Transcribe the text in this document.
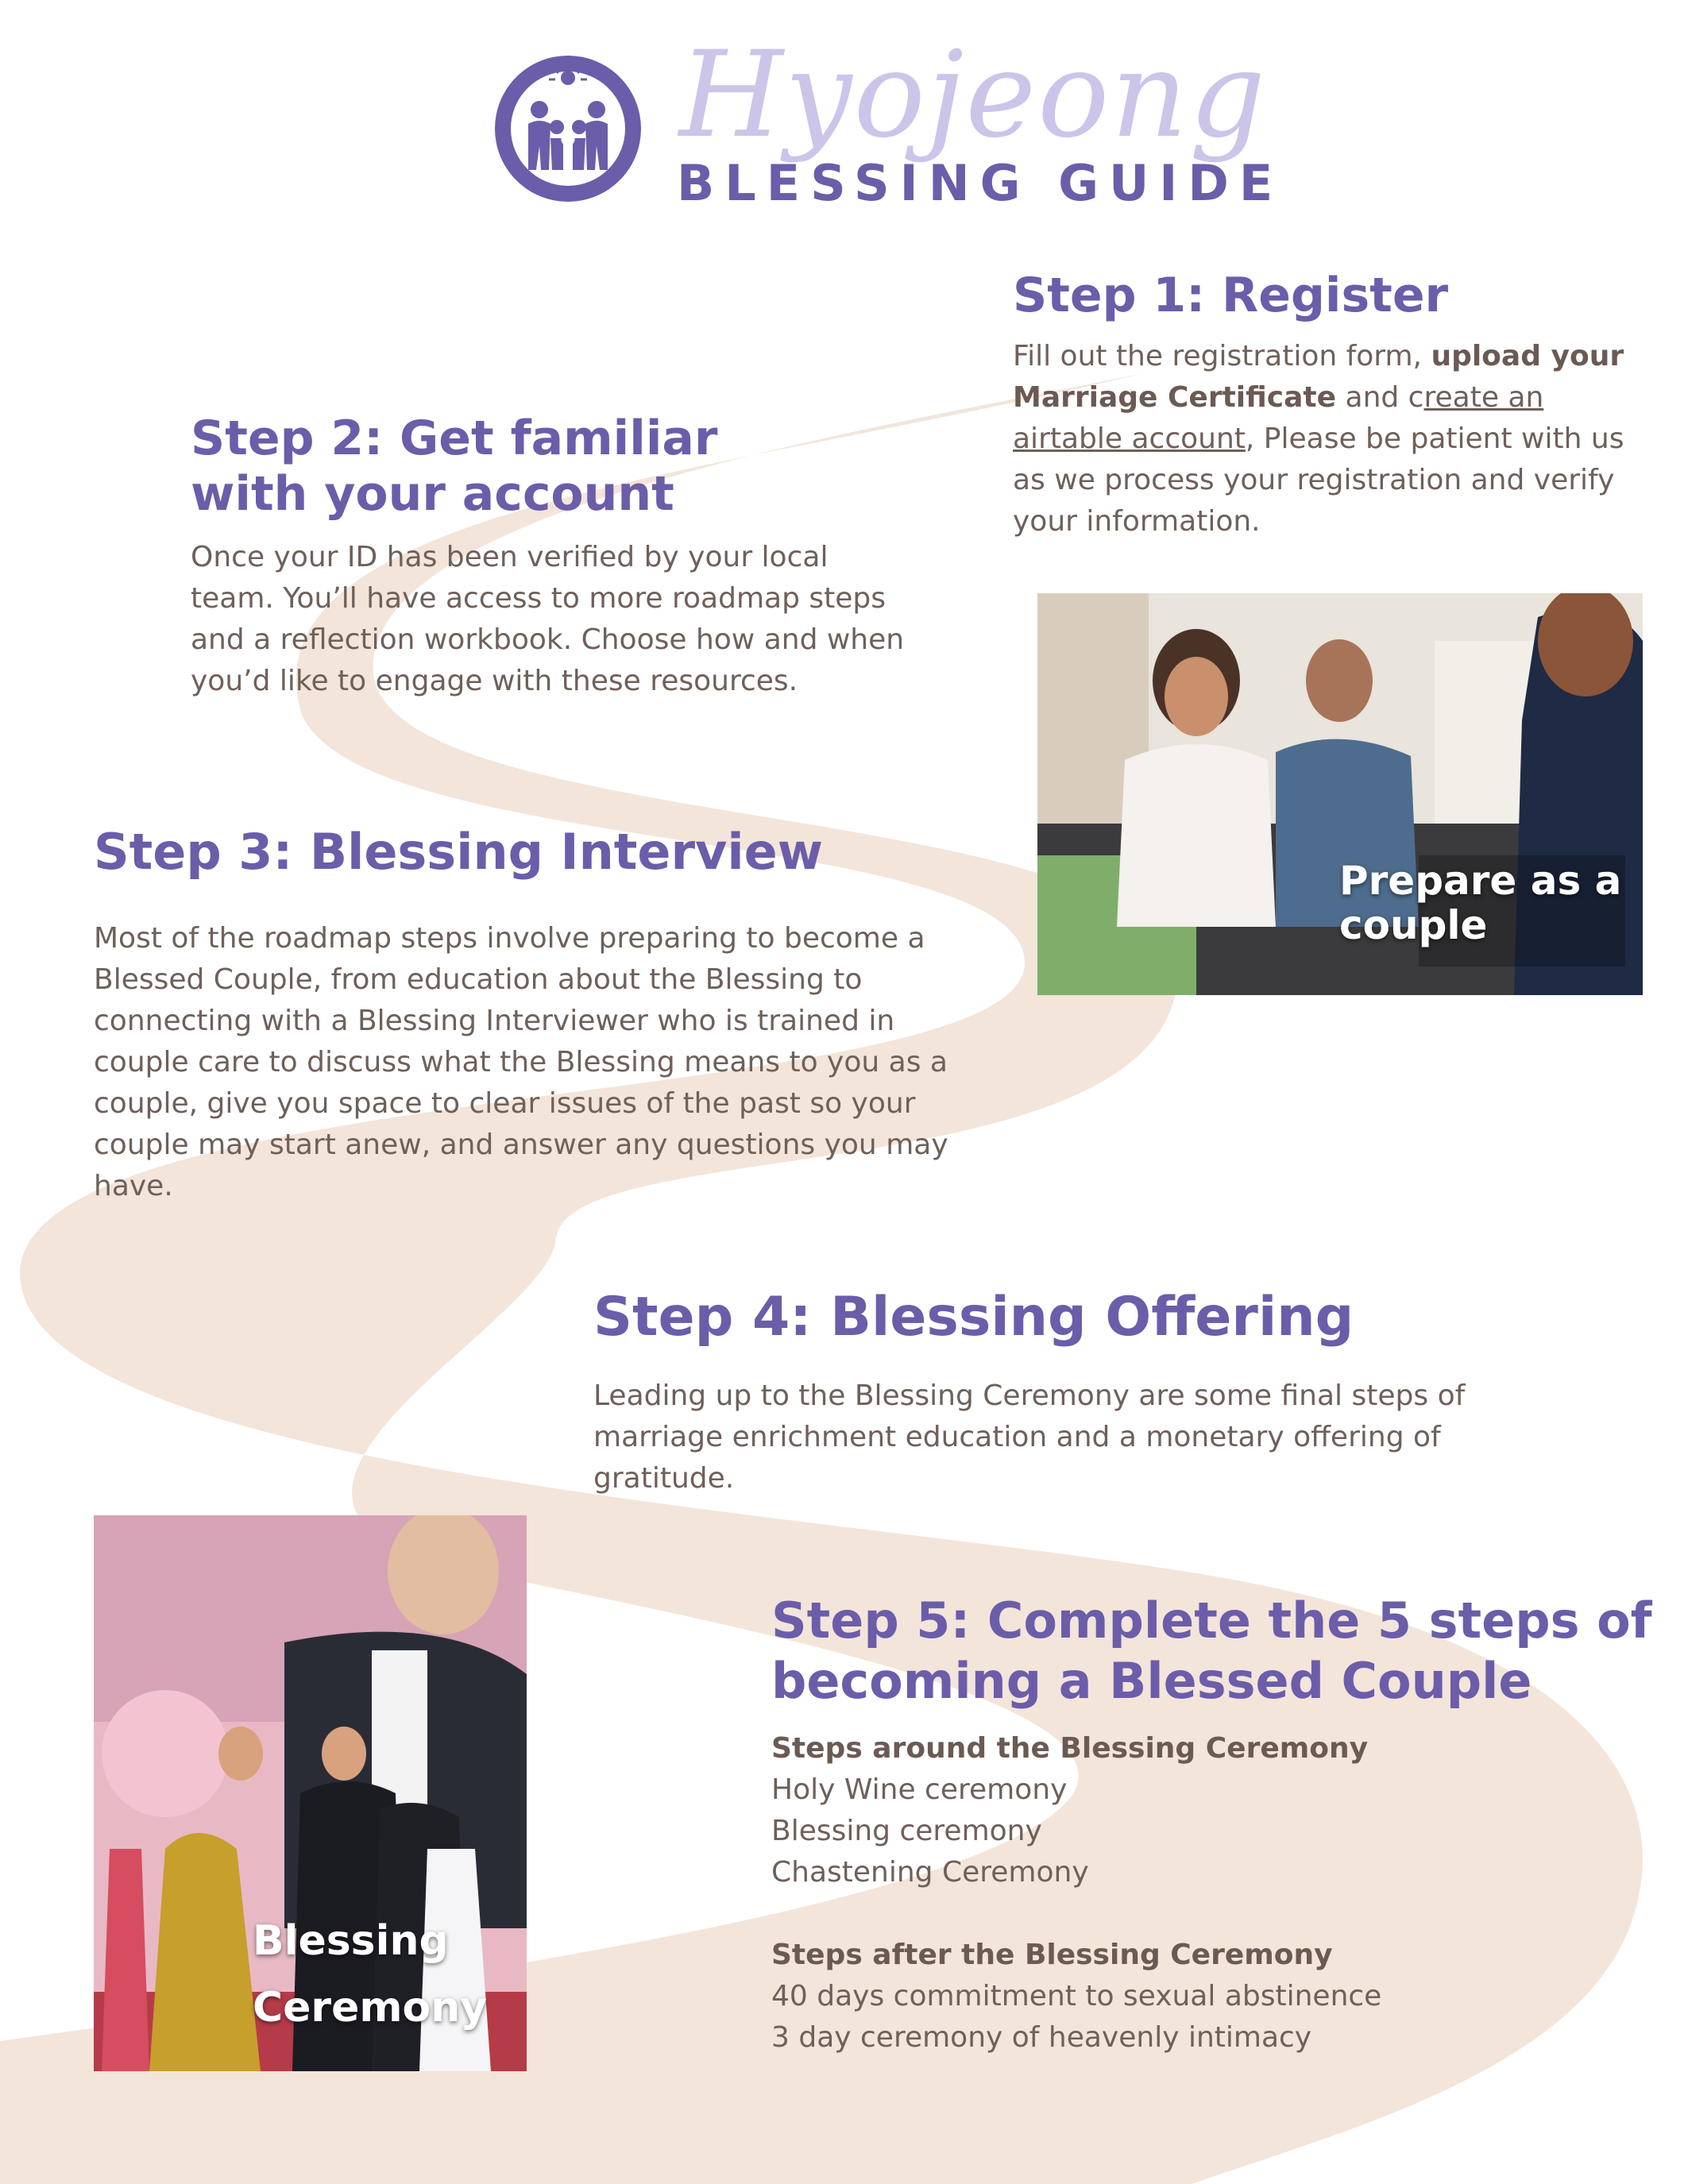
Hyojeong
BLESSING GUIDE
Step 1: Register

Fill out the registration form, upload your Marriage Certificate and create an airtable account, Please be patient with us as we process your registration and verify your information.

Step 2: Get familiar with your account

Once your ID has been verified by your local team. You’ll have access to more roadmap steps and a reflection workbook. Choose how and when you’d like to engage with these resources.

Step 3: Blessing Interview

Most of the roadmap steps involve preparing to become a Blessed Couple, from education about the Blessing to connecting with a Blessing Interviewer who is trained in couple care to discuss what the Blessing means to you as a couple, give you space to clear issues of the past so your couple may start anew, and answer any questions you may have.

Step 4: Blessing Offering

Leading up to the Blessing Ceremony are some final steps of marriage enrichment education and a monetary offering of gratitude.

Step 5: Complete the 5 steps of becoming a Blessed Couple
Steps around the Blessing Ceremony
Holy Wine ceremony
Blessing ceremony
Chastening Ceremony
Steps after the Blessing Ceremony
40 days commitment to sexual abstinence
3 day ceremony of heavenly intimacy
Prepare as a couple
Blessing Ceremony
